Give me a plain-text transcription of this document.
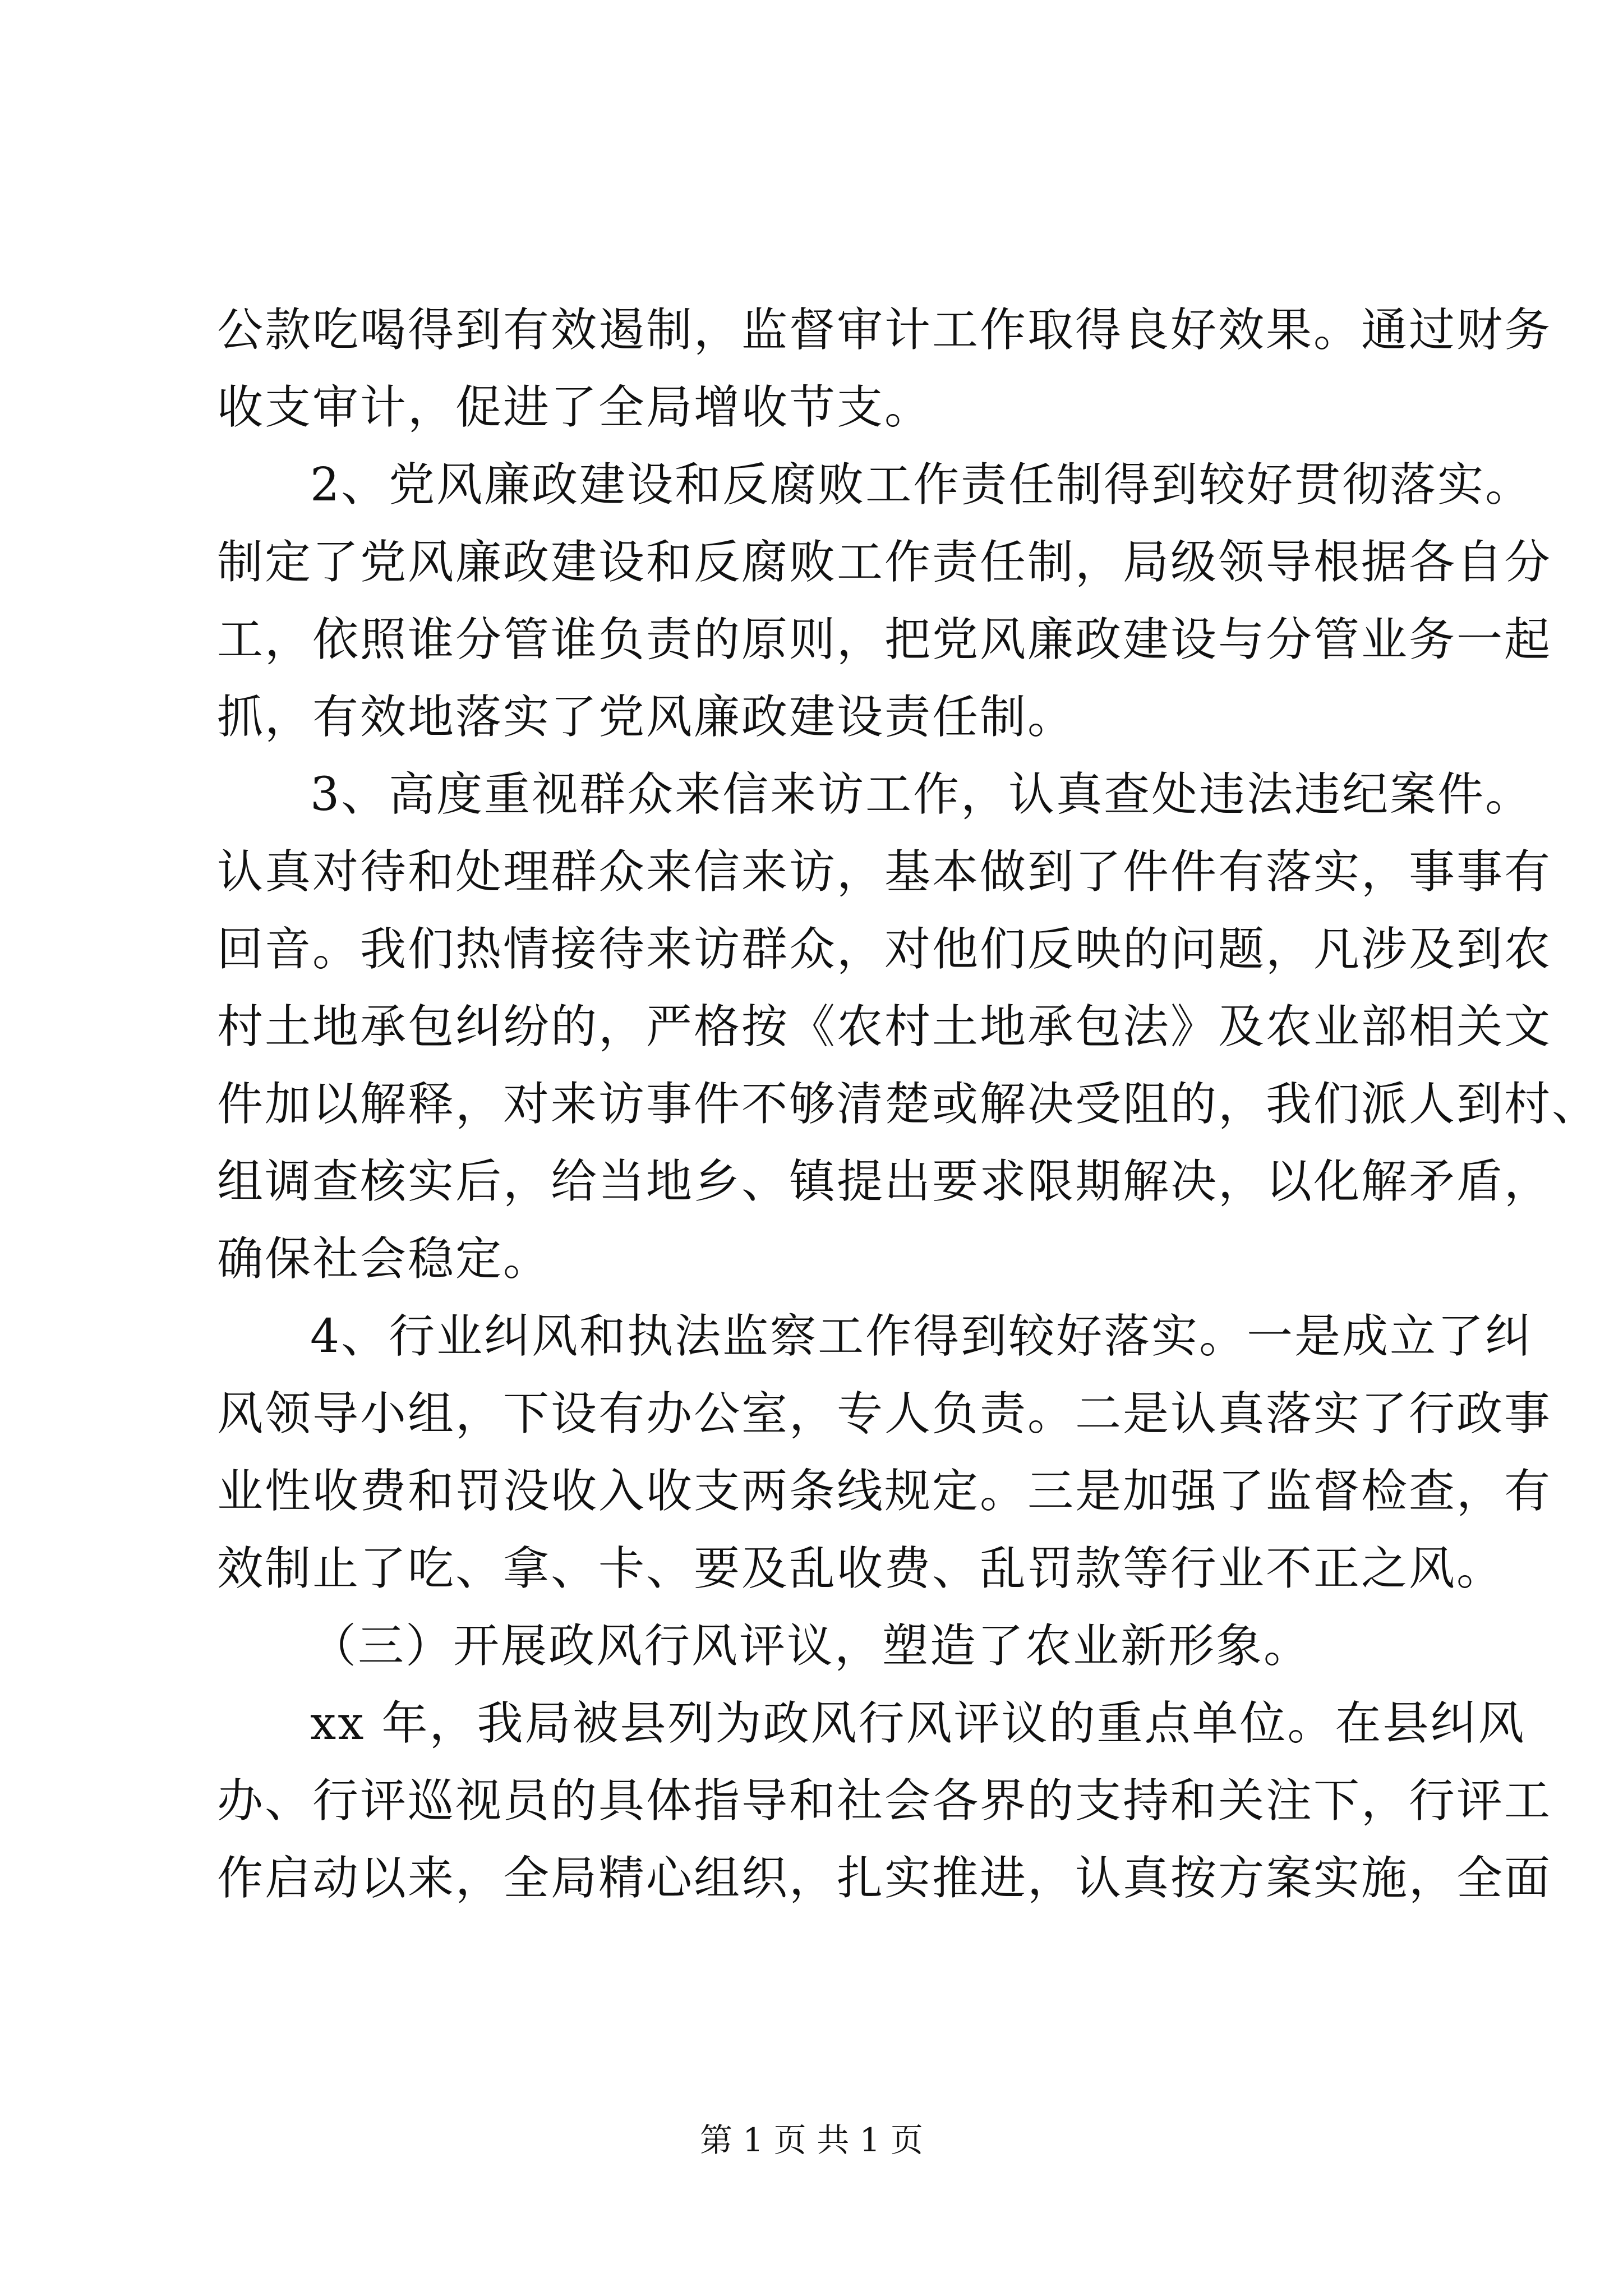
公款吃喝得到有效遏制，监督审计工作取得良好效果。通过财务
收支审计，促进了全局增收节支。
2、党风廉政建设和反腐败工作责任制得到较好贯彻落实。
制定了党风廉政建设和反腐败工作责任制，局级领导根据各自分
工，依照谁分管谁负责的原则，把党风廉政建设与分管业务一起
抓，有效地落实了党风廉政建设责任制。
3、高度重视群众来信来访工作，认真查处违法违纪案件。
认真对待和处理群众来信来访，基本做到了件件有落实，事事有
回音。我们热情接待来访群众，对他们反映的问题，凡涉及到农
村土地承包纠纷的，严格按《农村土地承包法》及农业部相关文
件加以解释，对来访事件不够清楚或解决受阻的，我们派人到村、
组调查核实后，给当地乡、镇提出要求限期解决，以化解矛盾，
确保社会稳定。
4、行业纠风和执法监察工作得到较好落实。一是成立了纠
风领导小组，下设有办公室，专人负责。二是认真落实了行政事
业性收费和罚没收入收支两条线规定。三是加强了监督检查，有
效制止了吃、拿、卡、要及乱收费、乱罚款等行业不正之风。
（三）开展政风行风评议，塑造了农业新形象。
xx 年，我局被县列为政风行风评议的重点单位。在县纠风
办、行评巡视员的具体指导和社会各界的支持和关注下，行评工
作启动以来，全局精心组织，扎实推进，认真按方案实施，全面
第 1 页 共 1 页
